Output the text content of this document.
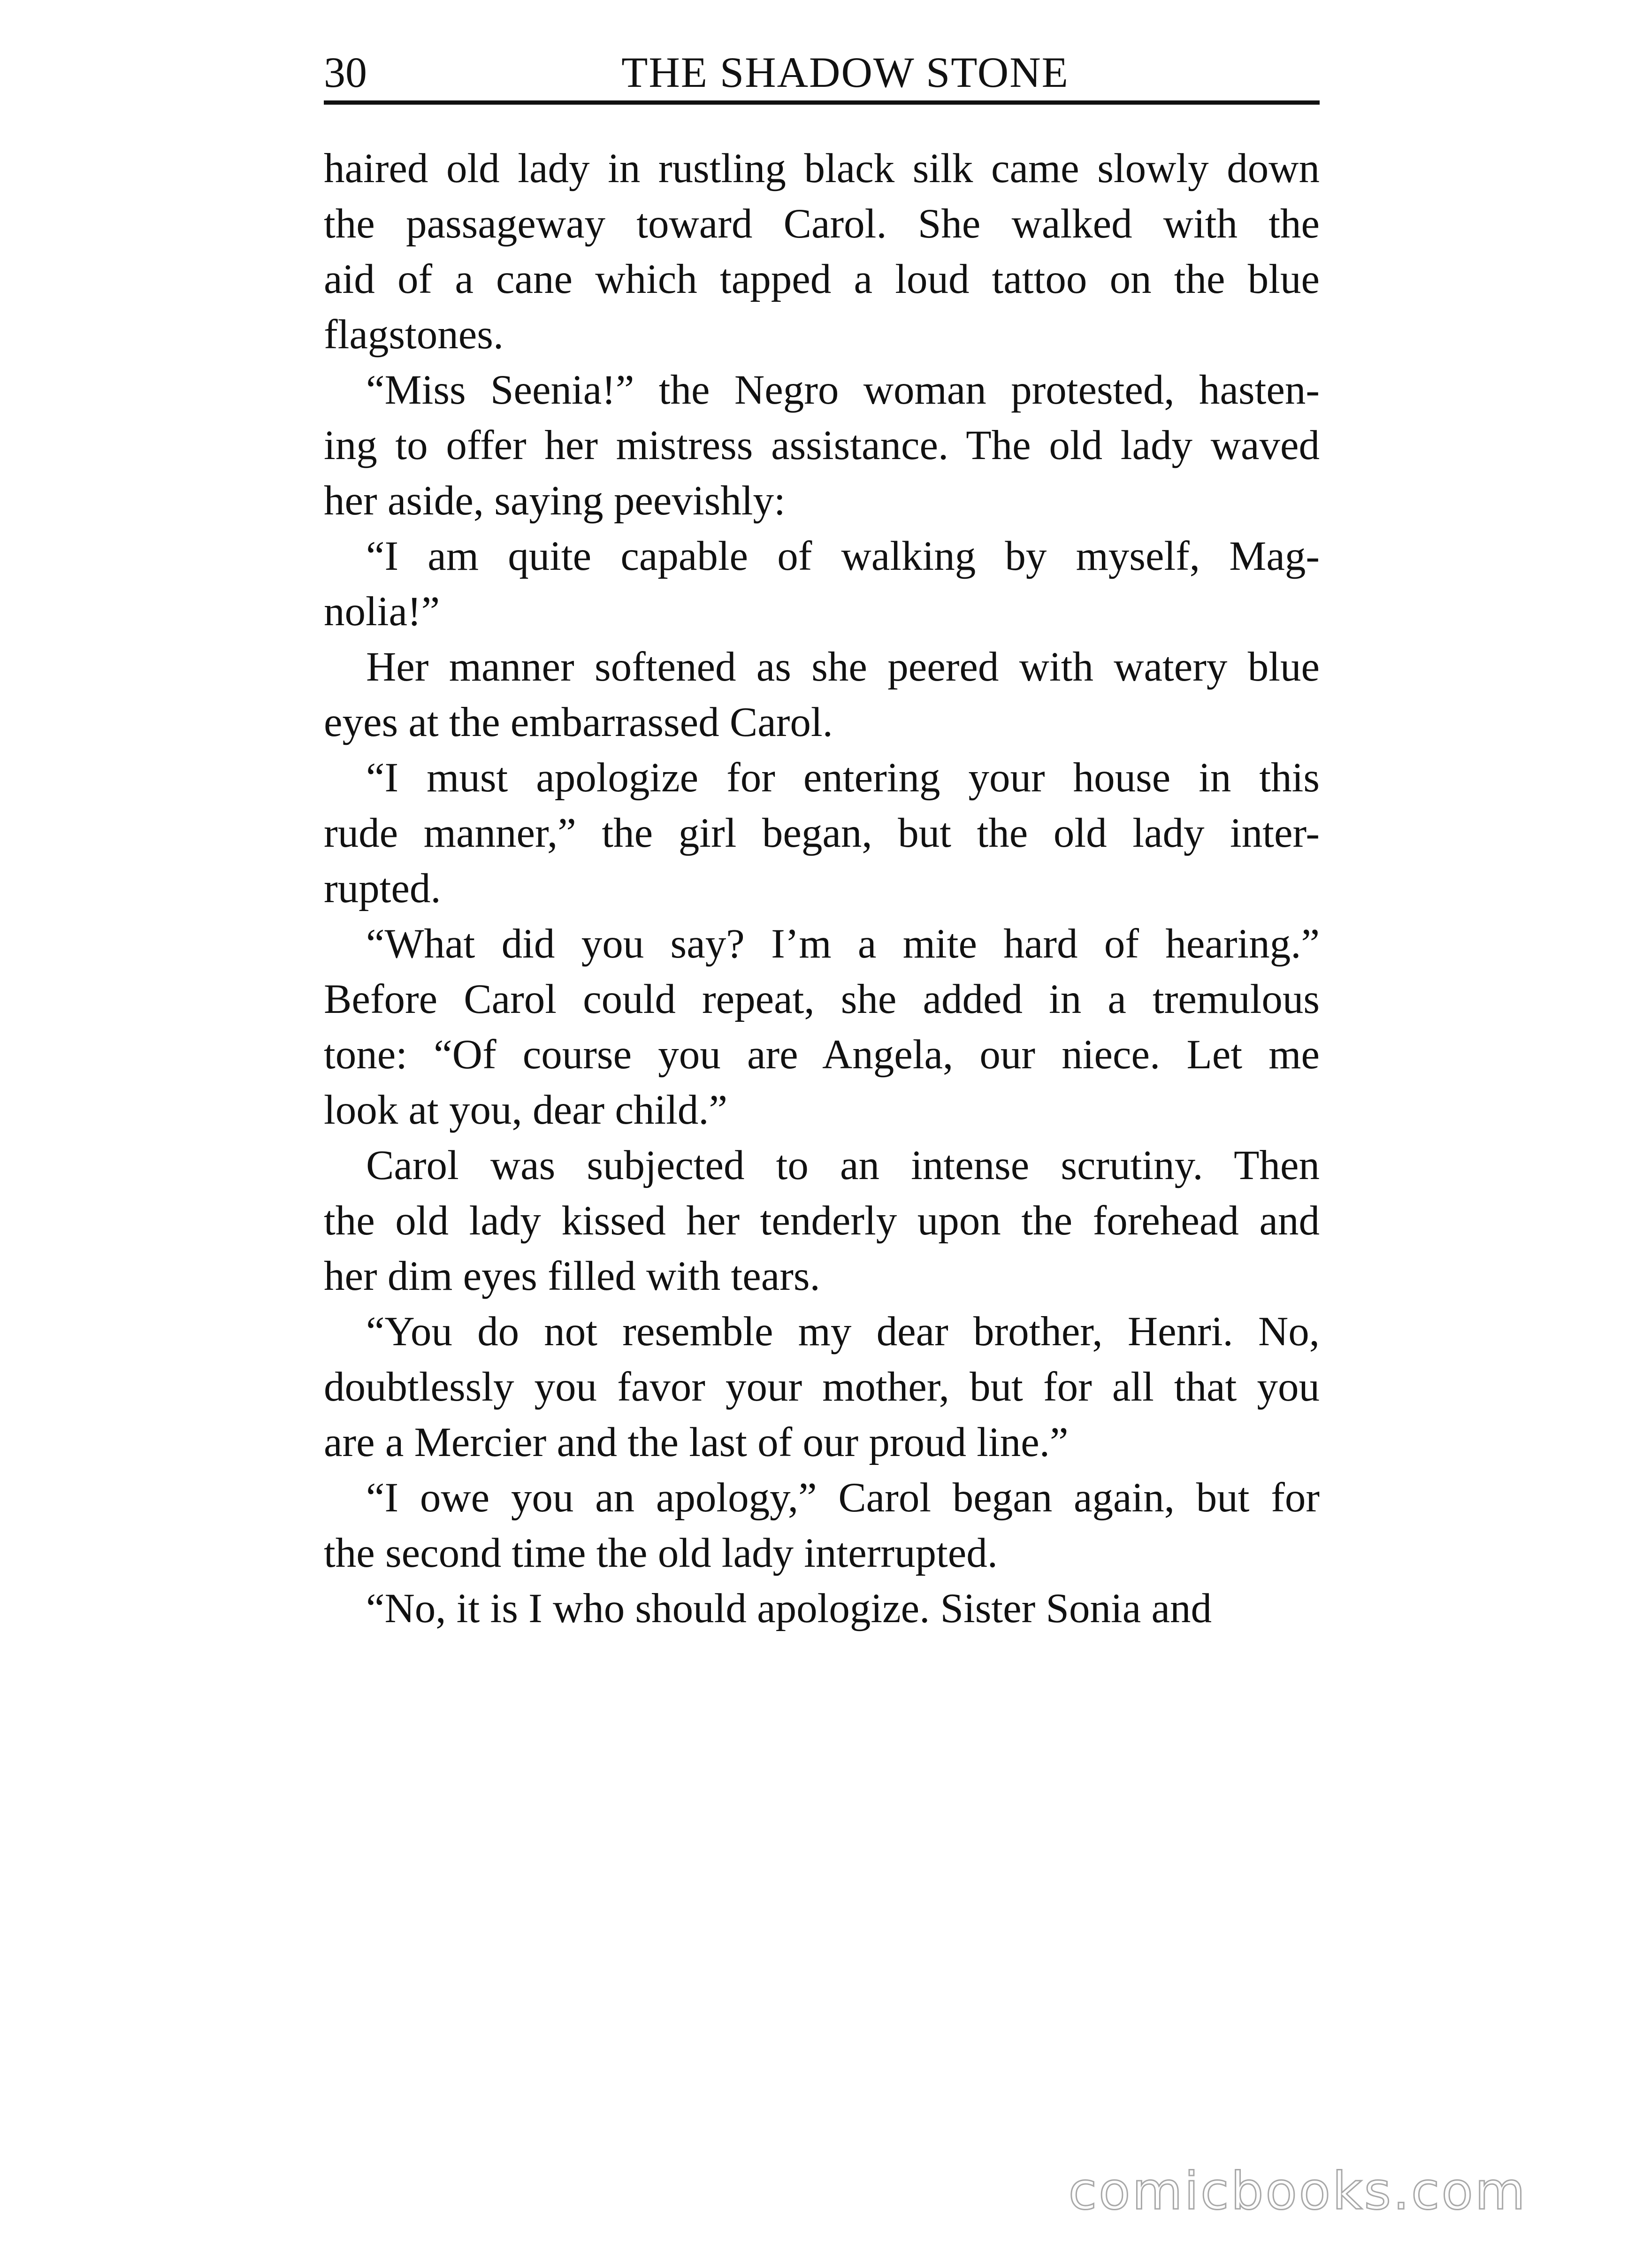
30	THE SHADOW STONE
haired old lady in rustling black silk came slowly down
the passageway toward Carol. She walked with the
aid of a cane which tapped a loud tattoo on the blue
flagstones.
“Miss Seenia!” the Negro woman protested, hasten-
ing to offer her mistress assistance. The old lady waved
her aside, saying peevishly:
“I am quite capable of walking by myself, Mag-
nolia!”
Her manner softened as she peered with watery blue
eyes at the embarrassed Carol.
“I must apologize for entering your house in this
rude manner,” the girl began, but the old lady inter-
rupted.
“What did you say? I’m a mite hard of hearing.”
Before Carol could repeat, she added in a tremulous
tone: “Of course you are Angela, our niece. Let me
look at you, dear child.”
Carol was subjected to an intense scrutiny. Then
the old lady kissed her tenderly upon the forehead and
her dim eyes filled with tears.
“You do not resemble my dear brother, Henri. No,
doubtlessly you favor your mother, but for all that you
are a Mercier and the last of our proud line.”
“I owe you an apology,” Carol began again, but for
the second time the old lady interrupted.
“No, it is I who should apologize. Sister Sonia and
comicbooks.com
